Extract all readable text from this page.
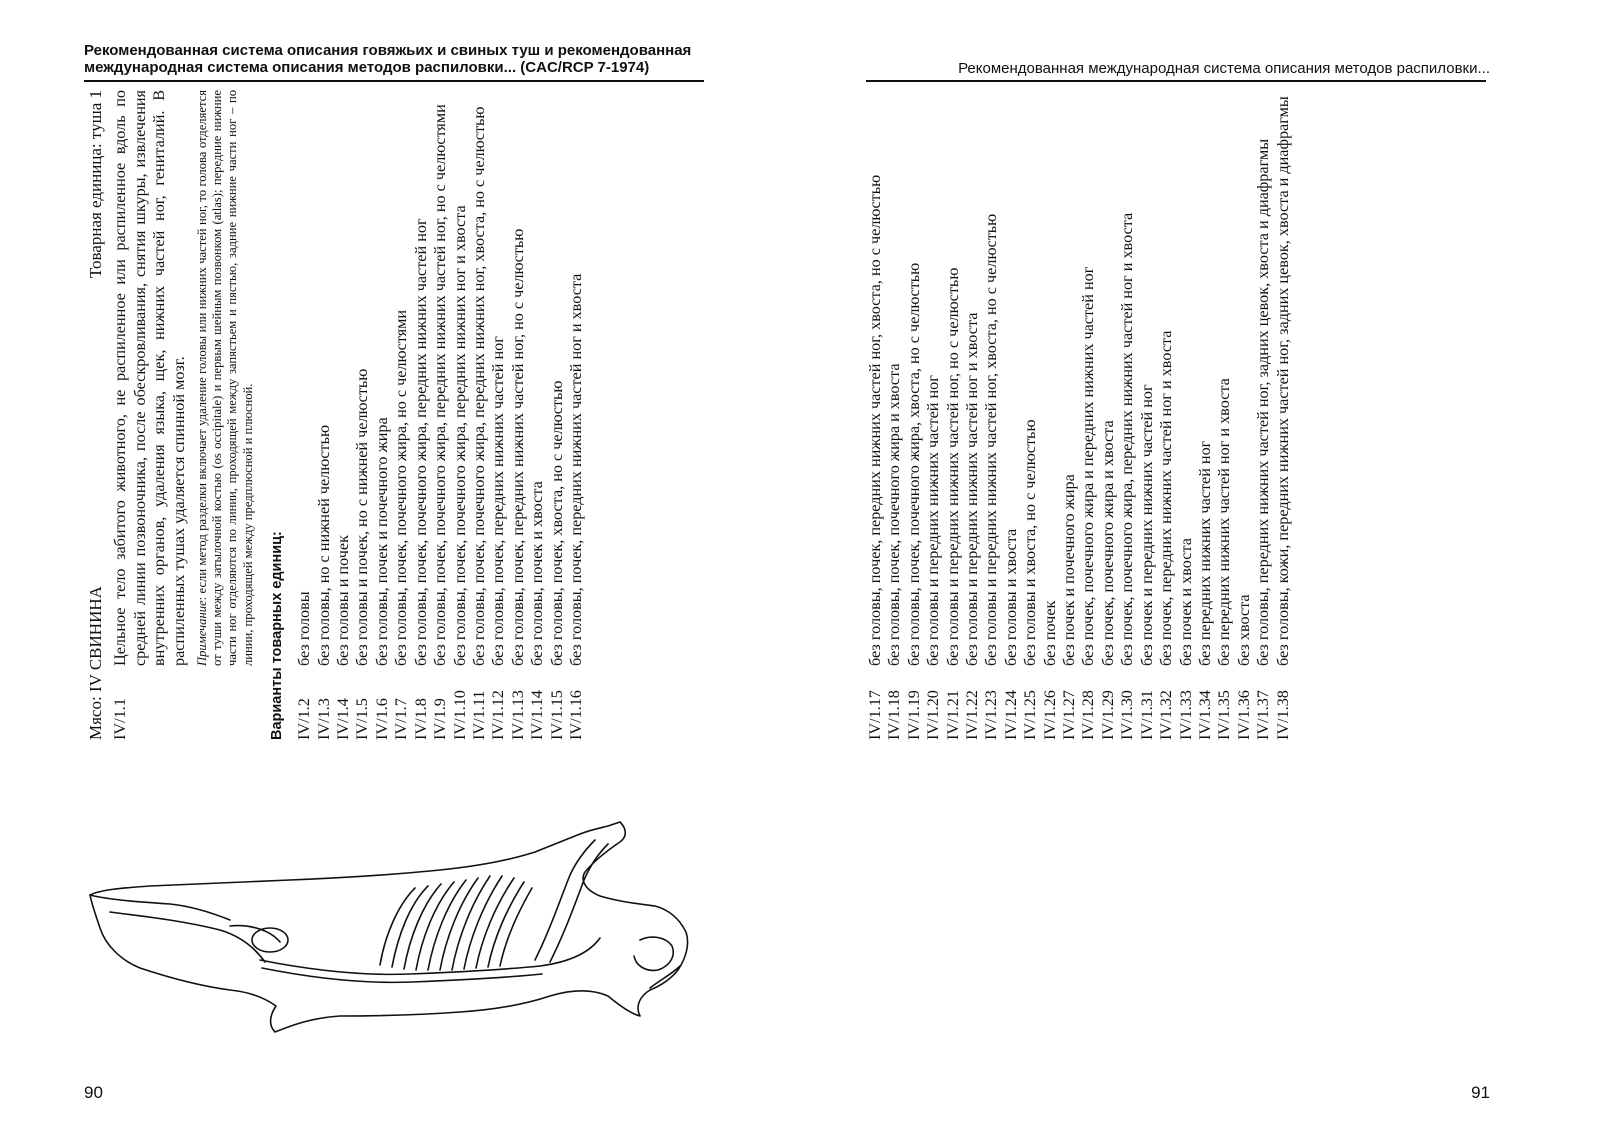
Рекомендованная система описания говяжьих и свиных туш и рекомендованная международная система описания методов распиловки... (CAC/RCP 7-1974)
Мясо: IV СВИНИНА
Товарная единица: туша 1
IV/1.1
Цельное тело забитого животного, не распиленное или распиленное вдоль по средней линии позвоночника, после обескровливания, снятия шкуры, извлечения внутренних органов, удаления языка, щек, нижних частей ног, гениталий. В распиленных тушах удаляется спинной мозг. Примечание: если метод разделки включает удаление головы или нижних частей ног, то голова отделяется от туши между затылочной костью (os occipitale) и первым шейным позвонком (atlas); передние нижние части ног отделяются по линии, проходящей между запястьем и пястью, задние нижние части ног – по линии, проходящей между предплюсной и плюсной. Варианты товарных единиц: IV/1.2
без головы
IV/1.3
без головы, но с нижней челюстью
IV/1.4
без головы и почек
IV/1.5
без головы и почек, но с нижней челюстью
IV/1.6
без головы, почек и почечного жира
IV/1.7
без головы, почек, почечного жира, но с челюстями
IV/1.8
без головы, почек, почечного жира, передних нижних частей ног
IV/1.9
без головы, почек, почечного жира, передних нижних частей ног, но с челюстями
IV/1.10
без головы, почек, почечного жира, передних нижних ног и хвоста
IV/1.11
без головы, почек, почечного жира, передних нижних ног, хвоста, но с челюстью
IV/1.12
без головы, почек, передних нижних частей ног
IV/1.13
без головы, почек, передних нижних частей ног, но с челюстью
IV/1.14
без головы, почек и хвоста
IV/1.15
без головы, почек, хвоста, но с челюстью
IV/1.16
без головы, почек, передних нижних частей ног и хвоста
90
Рекомендованная международная система описания методов распиловки...
IV/1.17
без головы, почек, передних нижних частей ног, хвоста, но с челюстью
IV/1.18
без головы, почек, почечного жира и хвоста
IV/1.19
без головы, почек, почечного жира, хвоста, но с челюстью
IV/1.20
без головы и передних нижних частей ног
IV/1.21
без головы и передних нижних частей ног, но с челюстью
IV/1.22
без головы и передних нижних частей ног и хвоста
IV/1.23
без головы и передних нижних частей ног, хвоста, но с челюстью
IV/1.24
без головы и хвоста
IV/1.25
без головы и хвоста, но с челюстью
IV/1.26
без почек
IV/1.27
без почек и почечного жира
IV/1.28
без почек, почечного жира и передних нижних частей ног
IV/1.29
без почек, почечного жира и хвоста
IV/1.30
без почек, почечного жира, передних нижних частей ног и хвоста
IV/1.31
без почек и передних нижних частей ног
IV/1.32
без почек, передних нижних частей ног и хвоста
IV/1.33
без почек и хвоста
IV/1.34
без передних нижних частей ног
IV/1.35
без передних нижних частей ног и хвоста
IV/1.36
без хвоста
IV/1.37
без головы, передних нижних частей ног, задних цевок, хвоста и диафрагмы
IV/1.38
без головы, кожи, передних нижних частей ног, задних цевок, хвоста и диафрагмы
91
